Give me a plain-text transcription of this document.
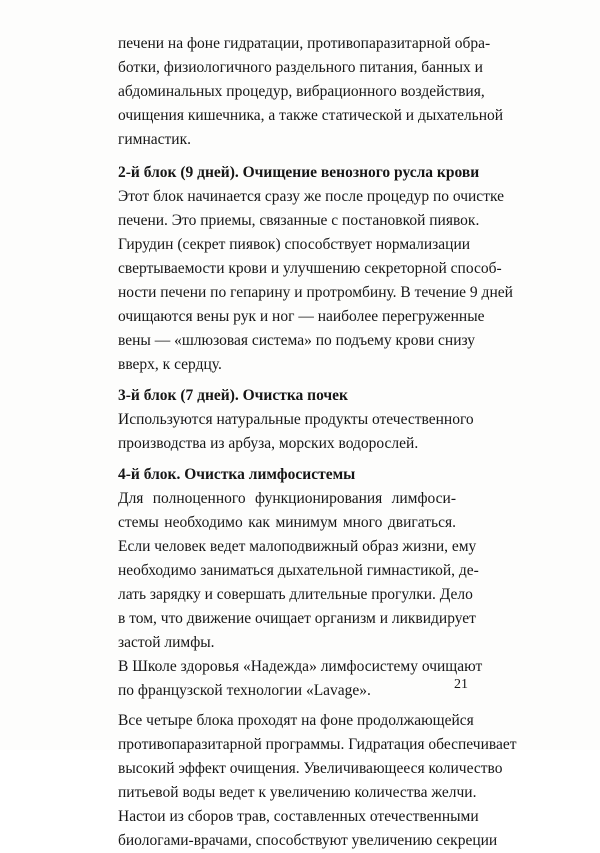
печени на фоне гидратации, противопаразитарной обра-
ботки, физиологичного раздельного питания, банных и
абдоминальных процедур, вибрационного воздействия,
очищения кишечника, а также статической и дыхательной
гимнастик.
2-й блок (9 дней). Очищение венозного русла крови
Этот блок начинается сразу же после процедур по очистке
печени. Это приемы, связанные с постановкой пиявок.
Гирудин (секрет пиявок) способствует нормализации
свертываемости крови и улучшению секреторной способ-
ности печени по гепарину и протромбину. В течение 9 дней
очищаются вены рук и ног — наиболее перегруженные
вены — «шлюзовая система» по подъему крови снизу
вверх, к сердцу.
3-й блок (7 дней). Очистка почек
Используются натуральные продукты отечественного
производства из арбуза, морских водорослей.
4-й блок. Очистка лимфосистемы
Для полноценного функционирования лимфоси-
стемы необходимо как минимум много двигаться.
Если человек ведет малоподвижный образ жизни, ему
необходимо заниматься дыхательной гимнастикой, де-
лать зарядку и совершать длительные прогулки. Дело
в том, что движение очищает организм и ликвидирует
застой лимфы.
В Школе здоровья «Надежда» лимфосистему очищают
по французской технологии «Lavage».
Все четыре блока проходят на фоне продолжающейся
противопаразитарной программы. Гидратация обеспечивает
высокий эффект очищения. Увеличивающееся количество
питьевой воды ведет к увеличению количества желчи.
Настои из сборов трав, составленных отечественными
биологами-врачами, способствуют увеличению секреции
21
